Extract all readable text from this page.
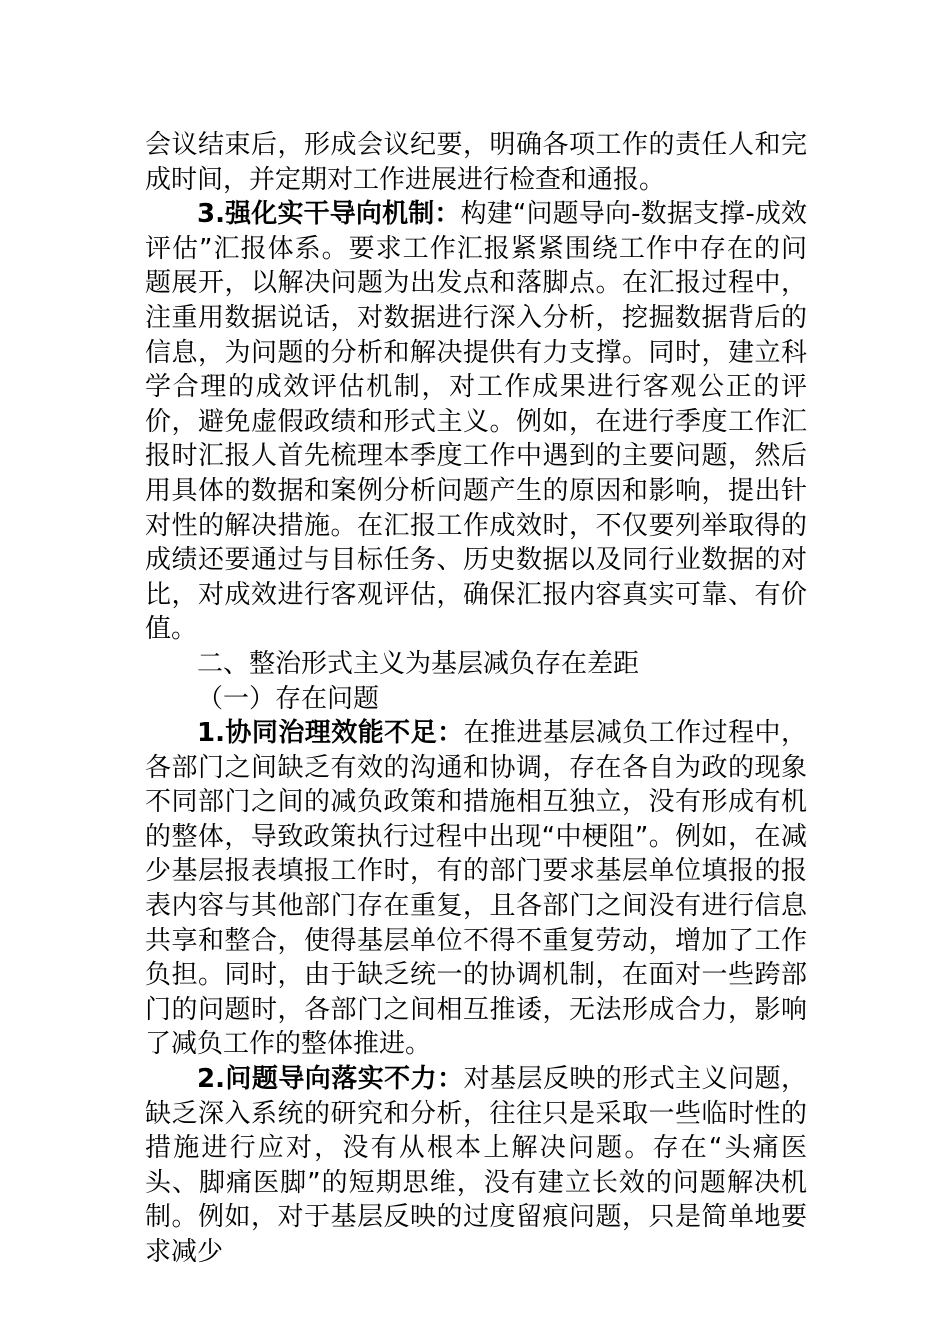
会议结束后，形成会议纪要，明确各项工作的责任人和完成时间，并定期对工作进展进行检查和通报。

3.强化实干导向机制：构建“问题导向-数据支撑-成效评估”汇报体系。要求工作汇报紧紧围绕工作中存在的问题展开，以解决问题为出发点和落脚点。在汇报过程中，注重用数据说话，对数据进行深入分析，挖掘数据背后的信息，为问题的分析和解决提供有力支撑。同时，建立科学合理的成效评估机制，对工作成果进行客观公正的评价，避免虚假政绩和形式主义。例如，在进行季度工作汇报时汇报人首先梳理本季度工作中遇到的主要问题，然后用具体的数据和案例分析问题产生的原因和影响，提出针对性的解决措施。在汇报工作成效时，不仅要列举取得的成绩还要通过与目标任务、历史数据以及同行业数据的对比，对成效进行客观评估，确保汇报内容真实可靠、有价值。

二、整治形式主义为基层减负存在差距

（一）存在问题

1.协同治理效能不足：在推进基层减负工作过程中，各部门之间缺乏有效的沟通和协调，存在各自为政的现象不同部门之间的减负政策和措施相互独立，没有形成有机的整体，导致政策执行过程中出现“中梗阻”。例如，在减少基层报表填报工作时，有的部门要求基层单位填报的报表内容与其他部门存在重复，且各部门之间没有进行信息共享和整合，使得基层单位不得不重复劳动，增加了工作负担。同时，由于缺乏统一的协调机制，在面对一些跨部门的问题时，各部门之间相互推诿，无法形成合力，影响了减负工作的整体推进。

2.问题导向落实不力：对基层反映的形式主义问题，缺乏深入系统的研究和分析，往往只是采取一些临时性的措施进行应对，没有从根本上解决问题。存在“头痛医头、脚痛医脚”的短期思维，没有建立长效的问题解决机制。例如，对于基层反映的过度留痕问题，只是简单地要求减少
